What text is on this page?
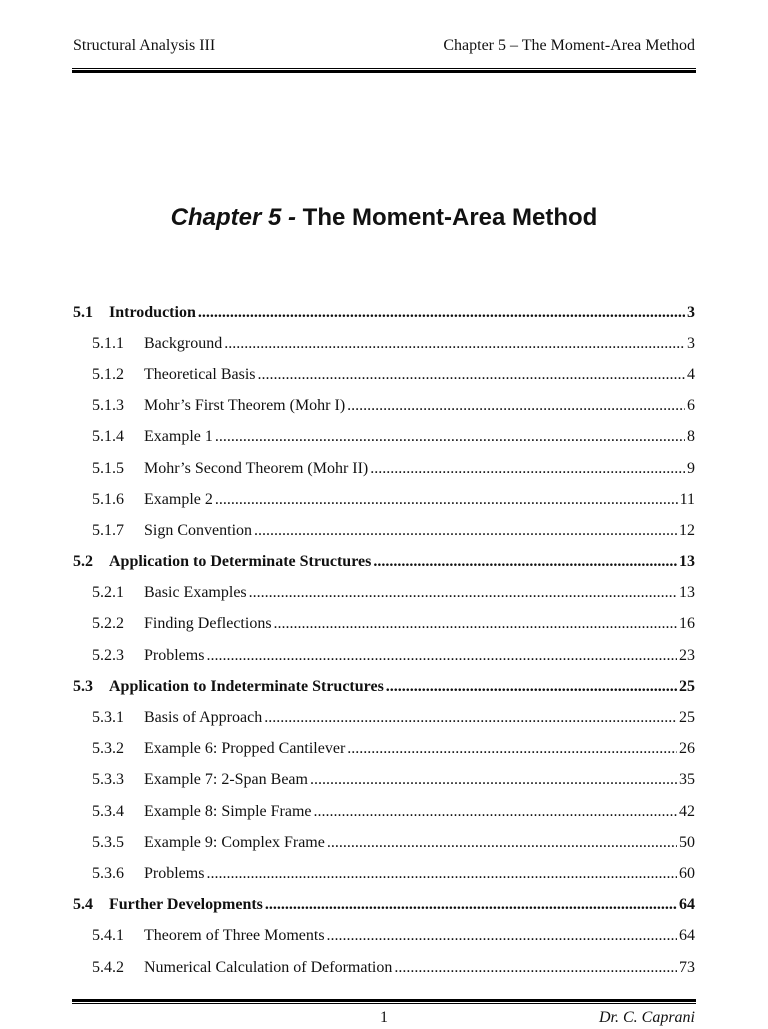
Structural Analysis III	Chapter 5 – The Moment-Area Method
Chapter 5 - The Moment-Area Method
5.1	Introduction .....	3
5.1.1	Background .....	3
5.1.2	Theoretical Basis .....	4
5.1.3	Mohr’s First Theorem (Mohr I) .....	6
5.1.4	Example 1 .....	8
5.1.5	Mohr’s Second Theorem (Mohr II) .....	9
5.1.6	Example 2 .....	11
5.1.7	Sign Convention .....	12
5.2	Application to Determinate Structures .....	13
5.2.1	Basic Examples .....	13
5.2.2	Finding Deflections .....	16
5.2.3	Problems .....	23
5.3	Application to Indeterminate Structures .....	25
5.3.1	Basis of Approach .....	25
5.3.2	Example 6: Propped Cantilever .....	26
5.3.3	Example 7: 2-Span Beam .....	35
5.3.4	Example 8: Simple Frame .....	42
5.3.5	Example 9: Complex Frame .....	50
5.3.6	Problems .....	60
5.4	Further Developments .....	64
5.4.1	Theorem of Three Moments .....	64
5.4.2	Numerical Calculation of Deformation .....	73
1	Dr. C. Caprani
